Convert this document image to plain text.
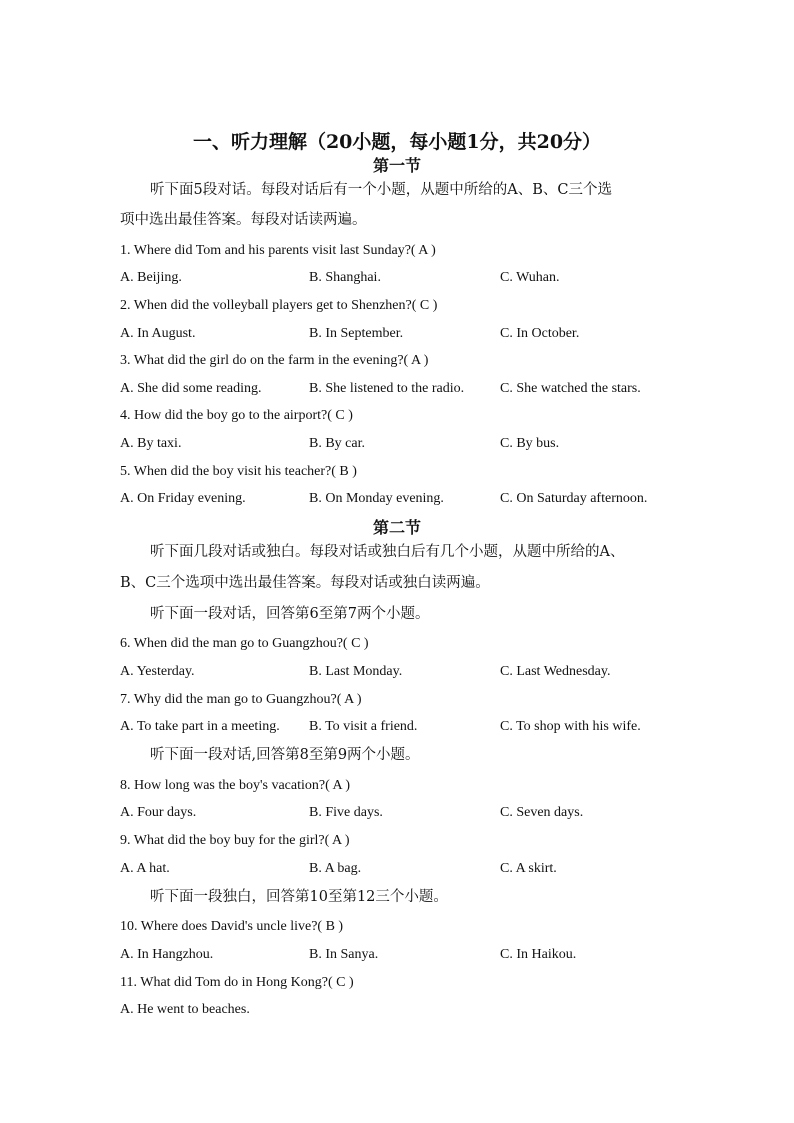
一、听力理解（20小题，每小题1分，共20分）
第一节
听下面5段对话。每段对话后有一个小题，从题中所给的A、B、C三个选
项中选出最佳答案。每段对话读两遍。
1. Where did Tom and his parents visit last Sunday?( A )
A. Beijing.	B. Shanghai.	C. Wuhan.
2. When did the volleyball players get to Shenzhen?( C )
A. In August.	B. In September.	C. In October.
3. What did the girl do on the farm in the evening?( A )
A. She did some reading.	B. She listened to the radio.	C. She watched the stars.
4. How did the boy go to the airport?( C )
A. By taxi.	B. By car.	C. By bus.
5. When did the boy visit his teacher?( B )
A. On Friday evening.	B. On Monday evening.	C. On Saturday afternoon.
第二节
听下面几段对话或独白。每段对话或独白后有几个小题，从题中所给的A、
B、C三个选项中选出最佳答案。每段对话或独白读两遍。
听下面一段对话，回答第6至第7两个小题。
6. When did the man go to Guangzhou?( C )
A. Yesterday.	B. Last Monday.	C. Last Wednesday.
7. Why did the man go to Guangzhou?( A )
A. To take part in a meeting. B. To visit a friend.	C. To shop with his wife.
听下面一段对话,回答第8至第9两个小题。
8. How long was the boy's vacation?( A )
A. Four days.	B. Five days.	C. Seven days.
9. What did the boy buy for the girl?( A )
A. A hat.	B. A bag.	C. A skirt.
听下面一段独白，回答第10至第12三个小题。
10. Where does David's uncle live?( B )
A. In Hangzhou.	B. In Sanya.	C. In Haikou.
11. What did Tom do in Hong Kong?( C )
A. He went to beaches.
